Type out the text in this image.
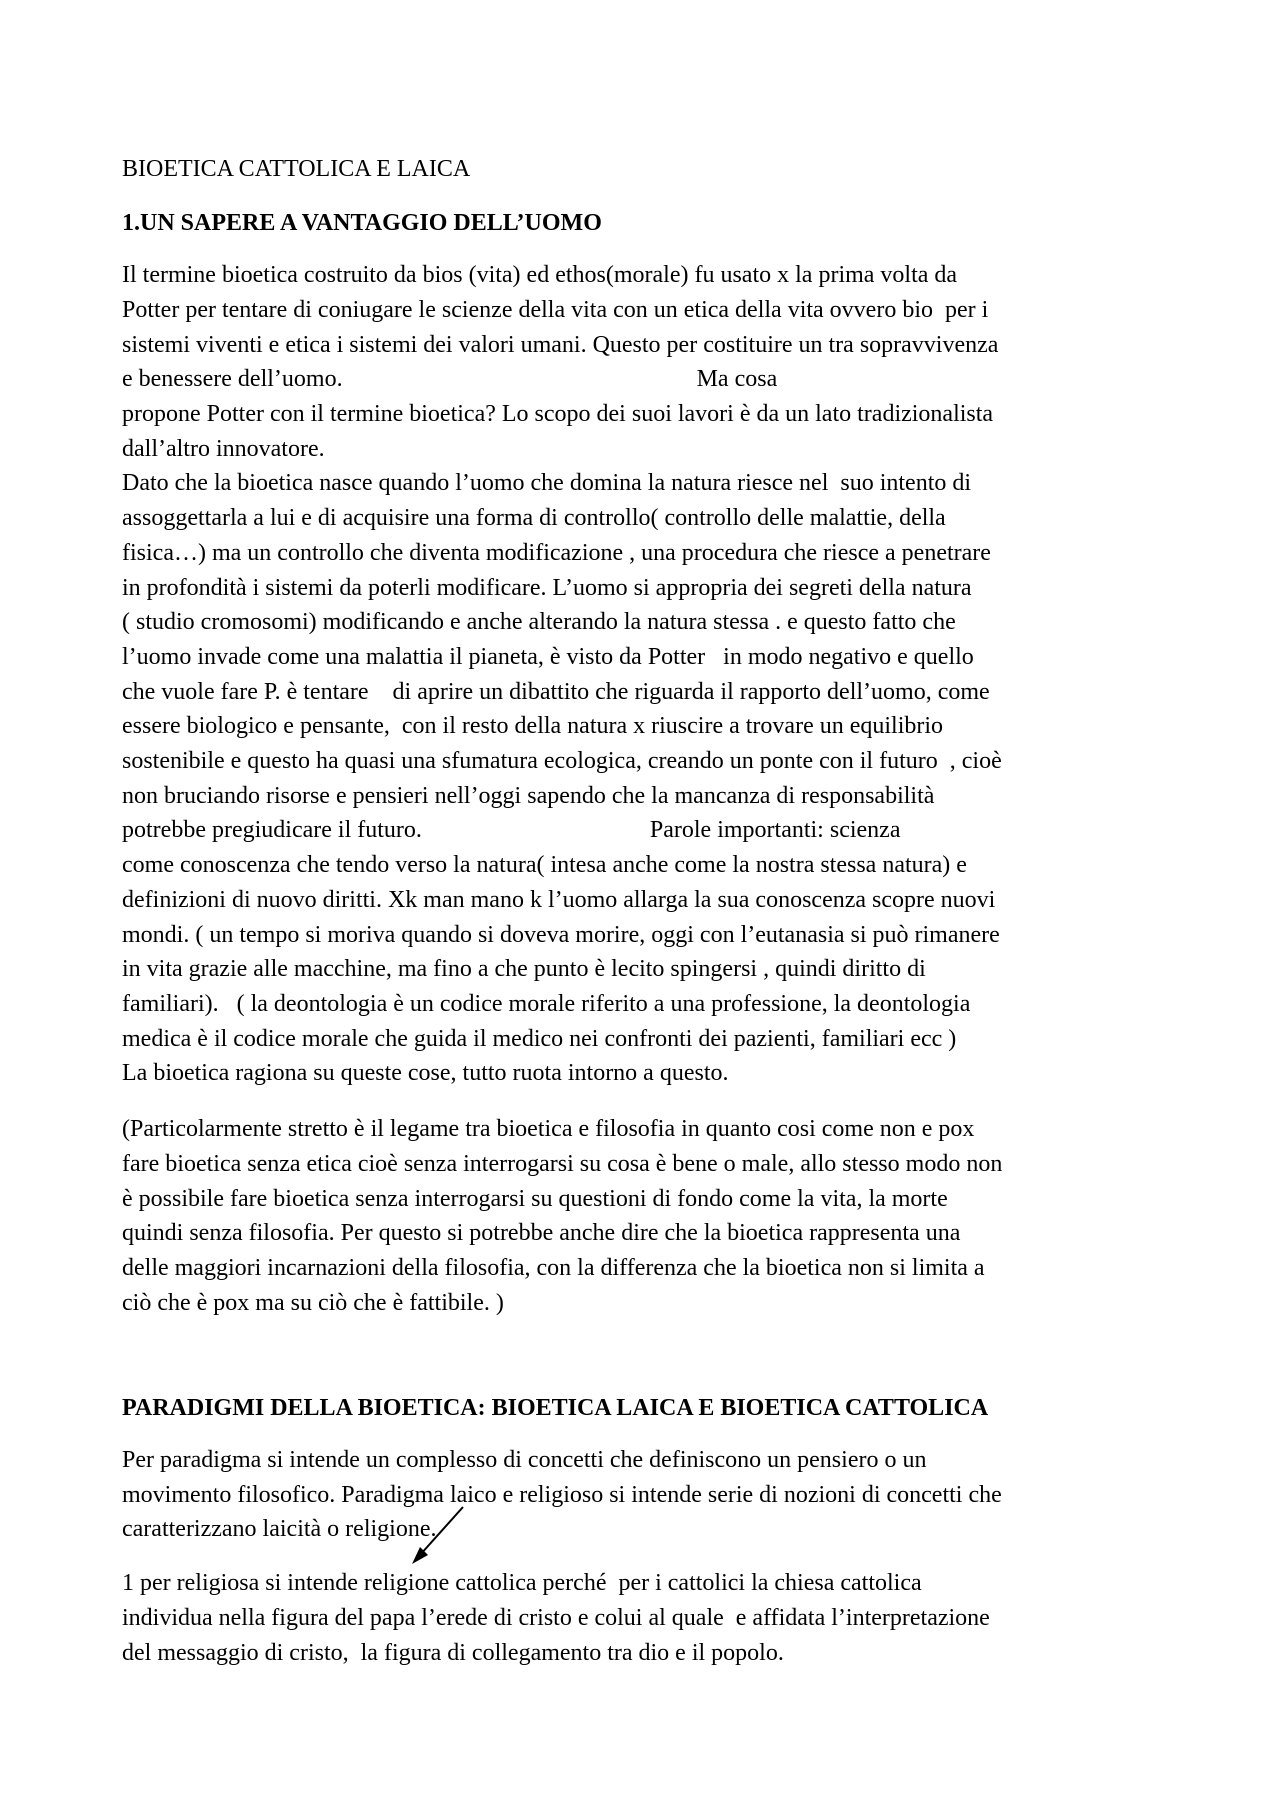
BIOETICA CATTOLICA E LAICA
1.UN SAPERE A VANTAGGIO DELL’UOMO
Il termine bioetica costruito da bios (vita) ed ethos(morale) fu usato x la prima volta da
Potter per tentare di coniugare le scienze della vita con un etica della vita ovvero bio  per i
sistemi viventi e etica i sistemi dei valori umani. Questo per costituire un tra sopravvivenza
e benessere dell’uomo.                                                           Ma cosa
propone Potter con il termine bioetica? Lo scopo dei suoi lavori è da un lato tradizionalista
dall’altro innovatore.
Dato che la bioetica nasce quando l’uomo che domina la natura riesce nel  suo intento di
assoggettarla a lui e di acquisire una forma di controllo( controllo delle malattie, della
fisica…) ma un controllo che diventa modificazione , una procedura che riesce a penetrare
in profondità i sistemi da poterli modificare. L’uomo si appropria dei segreti della natura
( studio cromosomi) modificando e anche alterando la natura stessa . e questo fatto che
l’uomo invade come una malattia il pianeta, è visto da Potter   in modo negativo e quello
che vuole fare P. è tentare    di aprire un dibattito che riguarda il rapporto dell’uomo, come
essere biologico e pensante,  con il resto della natura x riuscire a trovare un equilibrio
sostenibile e questo ha quasi una sfumatura ecologica, creando un ponte con il futuro  , cioè
non bruciando risorse e pensieri nell’oggi sapendo che la mancanza di responsabilità
potrebbe pregiudicare il futuro.                                      Parole importanti: scienza
come conoscenza che tendo verso la natura( intesa anche come la nostra stessa natura) e
definizioni di nuovo diritti. Xk man mano k l’uomo allarga la sua conoscenza scopre nuovi
mondi. ( un tempo si moriva quando si doveva morire, oggi con l’eutanasia si può rimanere
in vita grazie alle macchine, ma fino a che punto è lecito spingersi , quindi diritto di
familiari).   ( la deontologia è un codice morale riferito a una professione, la deontologia
medica è il codice morale che guida il medico nei confronti dei pazienti, familiari ecc )
La bioetica ragiona su queste cose, tutto ruota intorno a questo.
(Particolarmente stretto è il legame tra bioetica e filosofia in quanto cosi come non e pox
fare bioetica senza etica cioè senza interrogarsi su cosa è bene o male, allo stesso modo non
è possibile fare bioetica senza interrogarsi su questioni di fondo come la vita, la morte
quindi senza filosofia. Per questo si potrebbe anche dire che la bioetica rappresenta una
delle maggiori incarnazioni della filosofia, con la differenza che la bioetica non si limita a
ciò che è pox ma su ciò che è fattibile. )
PARADIGMI DELLA BIOETICA: BIOETICA LAICA E BIOETICA CATTOLICA
Per paradigma si intende un complesso di concetti che definiscono un pensiero o un
movimento filosofico. Paradigma laico e religioso si intende serie di nozioni di concetti che
caratterizzano laicità o religione.
1 per religiosa si intende religione cattolica perché  per i cattolici la chiesa cattolica
individua nella figura del papa l’erede di cristo e colui al quale  e affidata l’interpretazione
del messaggio di cristo,  la figura di collegamento tra dio e il popolo.
